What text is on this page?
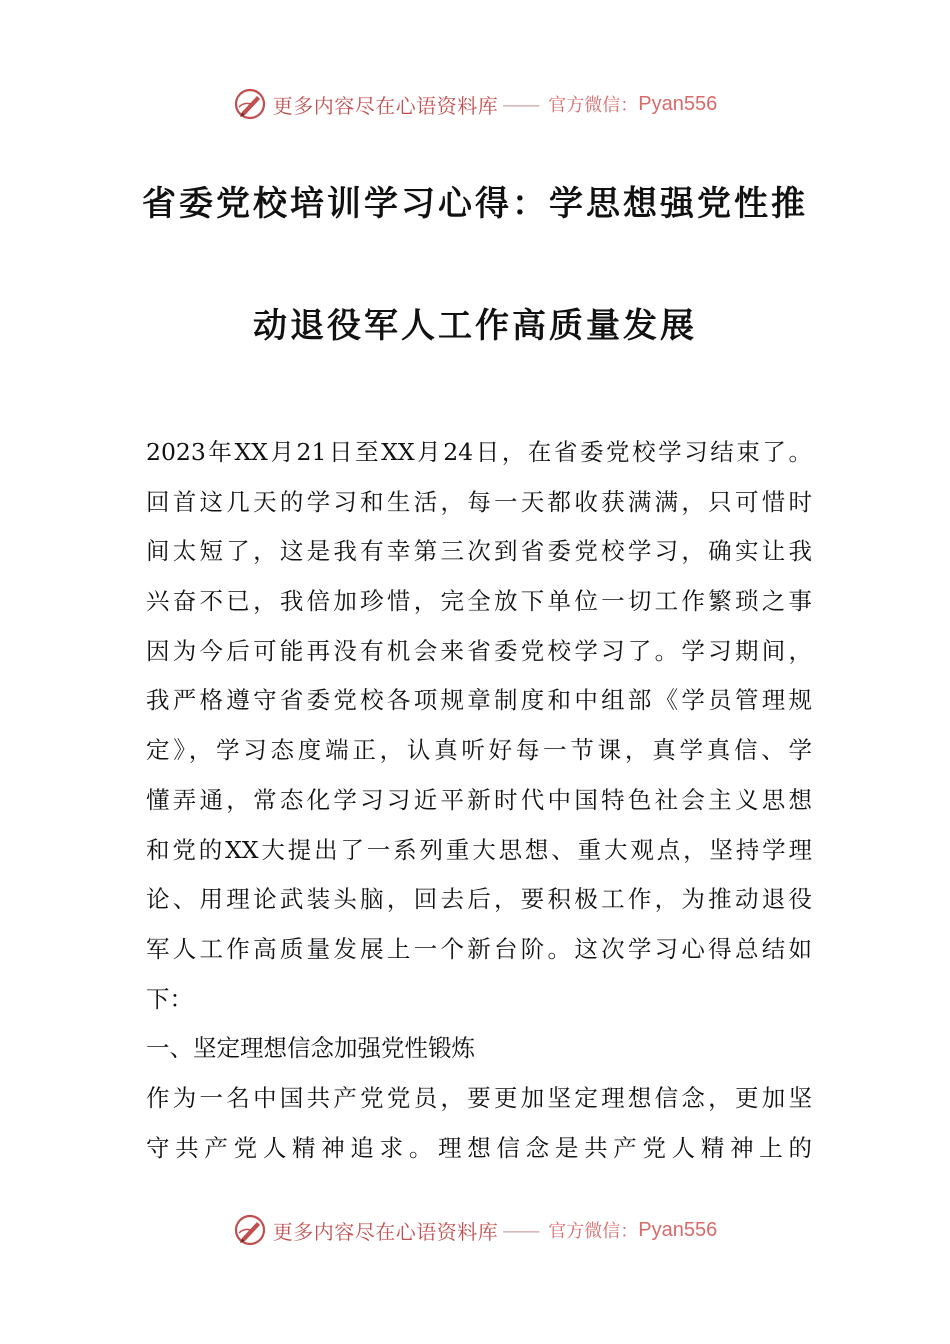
更多内容尽在心语资料库 —— 官方微信： Pyan556
省委党校培训学习心得：学思想强党性推
动退役军人工作高质量发展
2023年XX月21日至XX月24日，在省委党校学习结束了。
回首这几天的学习和生活，每一天都收获满满，只可惜时
间太短了，这是我有幸第三次到省委党校学习，确实让我
兴奋不已，我倍加珍惜，完全放下单位一切工作繁琐之事
因为今后可能再没有机会来省委党校学习了。学习期间，
我严格遵守省委党校各项规章制度和中组部《学员管理规
定》，学习态度端正，认真听好每一节课，真学真信、学
懂弄通，常态化学习习近平新时代中国特色社会主义思想
和党的XX大提出了一系列重大思想、重大观点，坚持学理
论、用理论武装头脑，回去后，要积极工作，为推动退役
军人工作高质量发展上一个新台阶。这次学习心得总结如
下：
一、坚定理想信念加强党性锻炼
作为一名中国共产党党员，要更加坚定理想信念，更加坚
守共产党人精神追求。理想信念是共产党人精神上的
更多内容尽在心语资料库 —— 官方微信： Pyan556
